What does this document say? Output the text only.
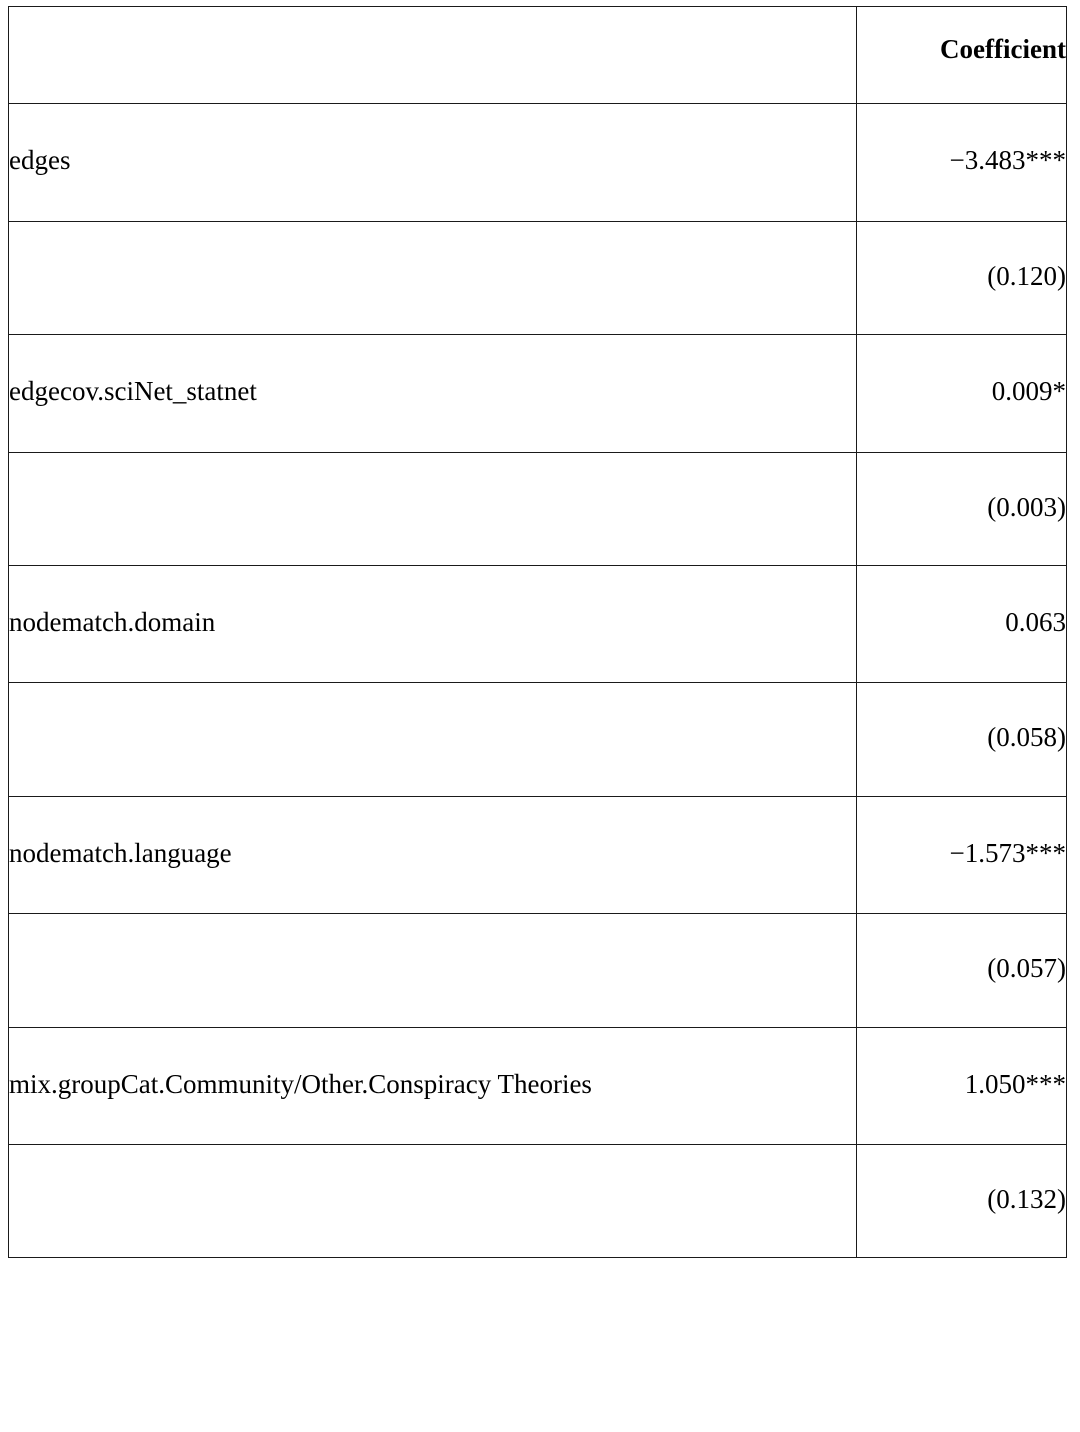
	Coefficient
edges	−3.483***
	(0.120)
edgecov.sciNet_statnet	0.009*
	(0.003)
nodematch.domain	0.063
	(0.058)
nodematch.language	−1.573***
	(0.057)
mix.groupCat.Community/Other.Conspiracy Theories	1.050***
	(0.132)
